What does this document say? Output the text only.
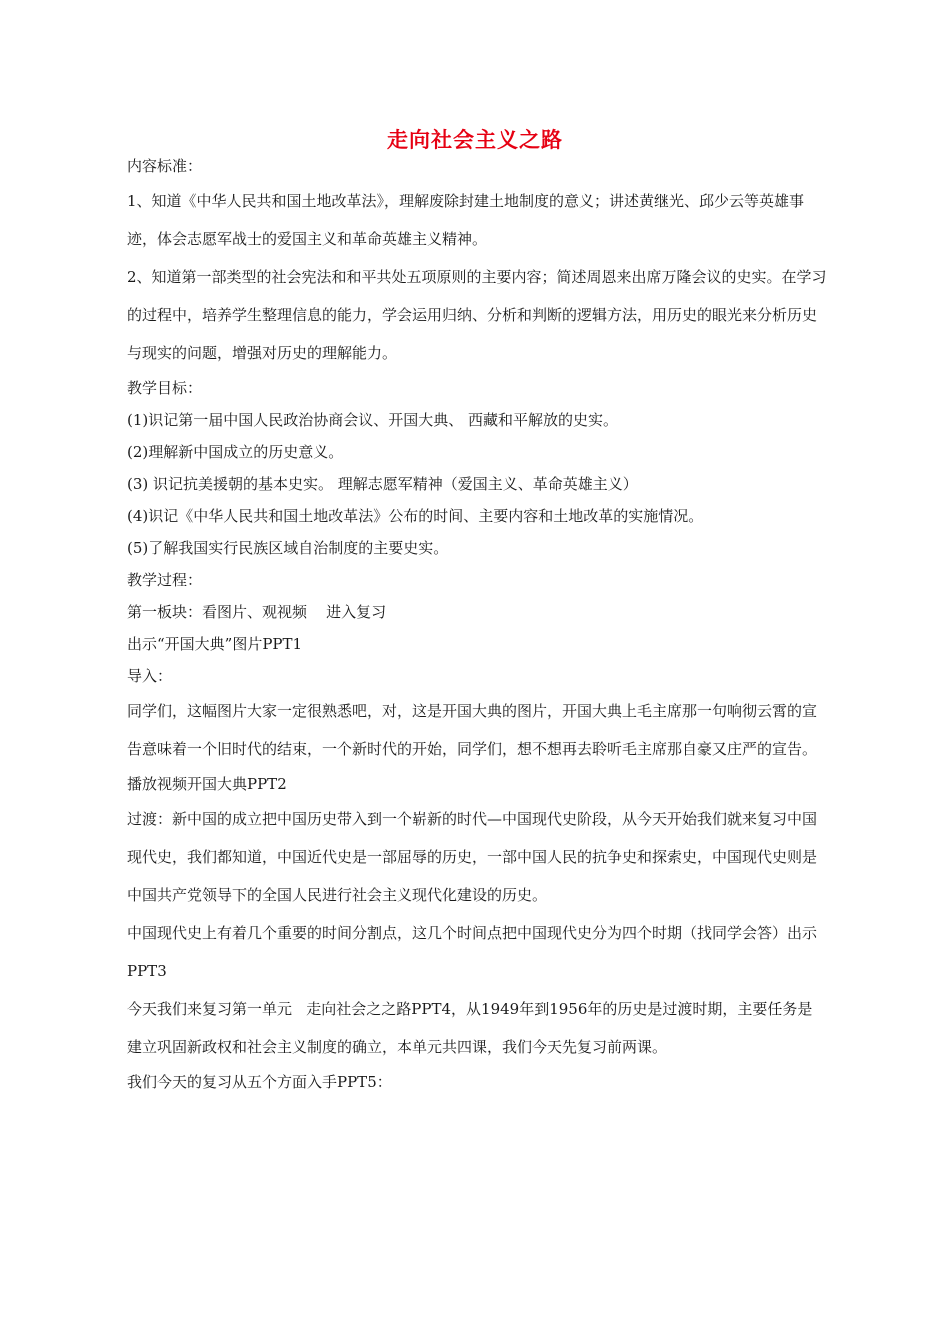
走向社会主义之路

内容标准：

1、知道《中华人民共和国土地改革法》，理解废除封建土地制度的意义；讲述黄继光、邱少云等英雄事迹，体会志愿军战士的爱国主义和革命英雄主义精神。

2、知道第一部类型的社会宪法和和平共处五项原则的主要内容；简述周恩来出席万隆会议的史实。在学习的过程中，培养学生整理信息的能力，学会运用归纳、分析和判断的逻辑方法，用历史的眼光来分析历史与现实的问题，增强对历史的理解能力。

教学目标：

(1)识记第一届中国人民政治协商会议、开国大典、 西藏和平解放的史实。

(2)理解新中国成立的历史意义。

(3) 识记抗美援朝的基本史实。 理解志愿军精神（爱国主义、革命英雄主义）

(4)识记《中华人民共和国土地改革法》公布的时间、主要内容和土地改革的实施情况。

(5)了解我国实行民族区域自治制度的主要史实。

教学过程：

第一板块：看图片、观视频    进入复习

出示“开国大典”图片PPT1

导入：

同学们，这幅图片大家一定很熟悉吧，对，这是开国大典的图片，开国大典上毛主席那一句响彻云霄的宣告意味着一个旧时代的结束，一个新时代的开始，同学们，想不想再去聆听毛主席那自豪又庄严的宣告。

播放视频开国大典PPT2

过渡：新中国的成立把中国历史带入到一个崭新的时代—中国现代史阶段，从今天开始我们就来复习中国现代史，我们都知道，中国近代史是一部屈辱的历史，一部中国人民的抗争史和探索史，中国现代史则是中国共产党领导下的全国人民进行社会主义现代化建设的历史。

中国现代史上有着几个重要的时间分割点，这几个时间点把中国现代史分为四个时期（找同学会答）出示PPT3

今天我们来复习第一单元   走向社会之之路PPT4，从1949年到1956年的历史是过渡时期，主要任务是建立巩固新政权和社会主义制度的确立，本单元共四课，我们今天先复习前两课。

我们今天的复习从五个方面入手PPT5：
